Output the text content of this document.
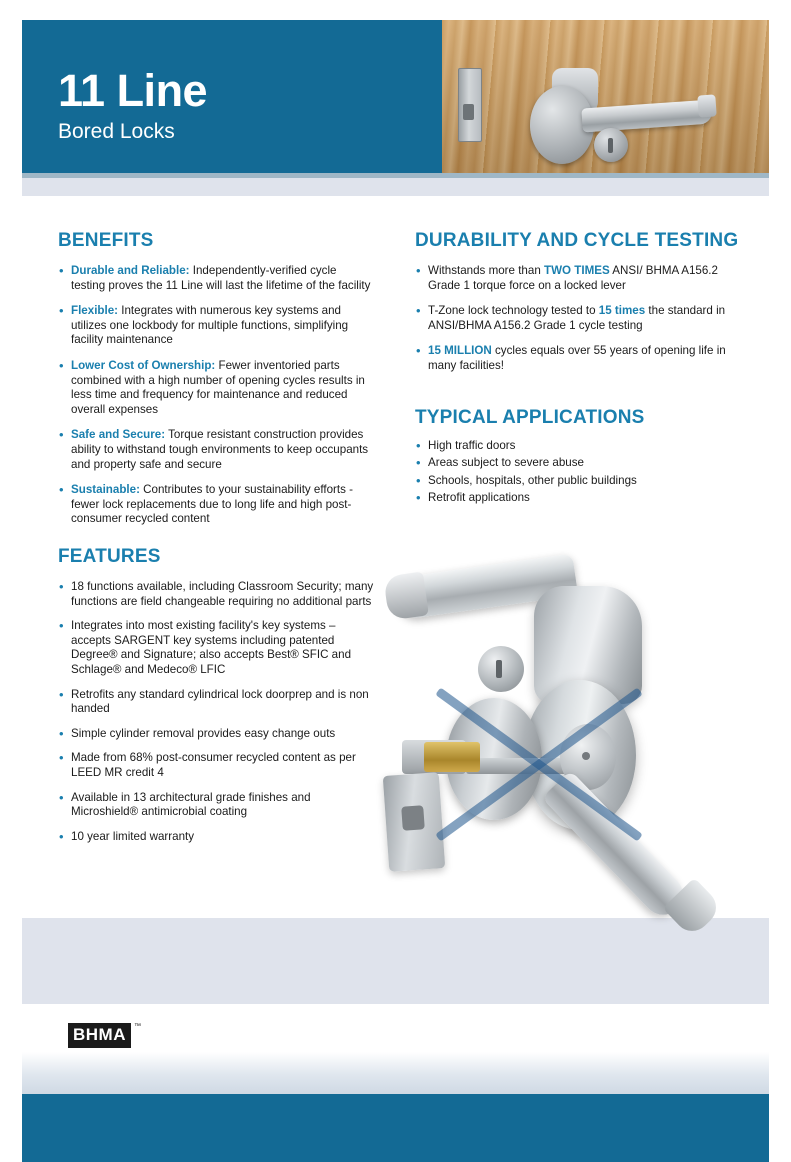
11 Line
Bored Locks
BENEFITS
• Durable and Reliable: Independently-verified cycle testing proves the 11 Line will last the lifetime of the facility
• Flexible: Integrates with numerous key systems and utilizes one lockbody for multiple functions, simplifying facility maintenance
• Lower Cost of Ownership: Fewer inventoried parts combined with a high number of opening cycles results in less time and frequency for maintenance and reduced overall expenses
• Safe and Secure: Torque resistant construction provides ability to withstand tough environments to keep occupants and property safe and secure
• Sustainable: Contributes to your sustainability efforts - fewer lock replacements due to long life and high post-consumer recycled content
DURABILITY AND CYCLE TESTING
• Withstands more than TWO TIMES ANSI/ BHMA A156.2 Grade 1 torque force on a locked lever
• T-Zone lock technology tested to 15 times the standard in ANSI/BHMA A156.2 Grade 1 cycle testing
• 15 MILLION cycles equals over 55 years of opening life in many facilities!
TYPICAL APPLICATIONS
• High traffic doors
• Areas subject to severe abuse
• Schools, hospitals, other public buildings
• Retrofit applications
FEATURES
• 18 functions available, including Classroom Security; many functions are field changeable requiring no additional parts
• Integrates into most existing facility's key systems – accepts SARGENT key systems including patented Degree® and Signature; also accepts Best® SFIC and Schlage® and Medeco® LFIC
• Retrofits any standard cylindrical lock doorprep and is non handed
• Simple cylinder removal provides easy change outs
• Made from 68% post-consumer recycled content as per LEED MR credit 4
• Available in 13 architectural grade finishes and Microshield® antimicrobial coating
• 10 year limited warranty
BHMA ™
